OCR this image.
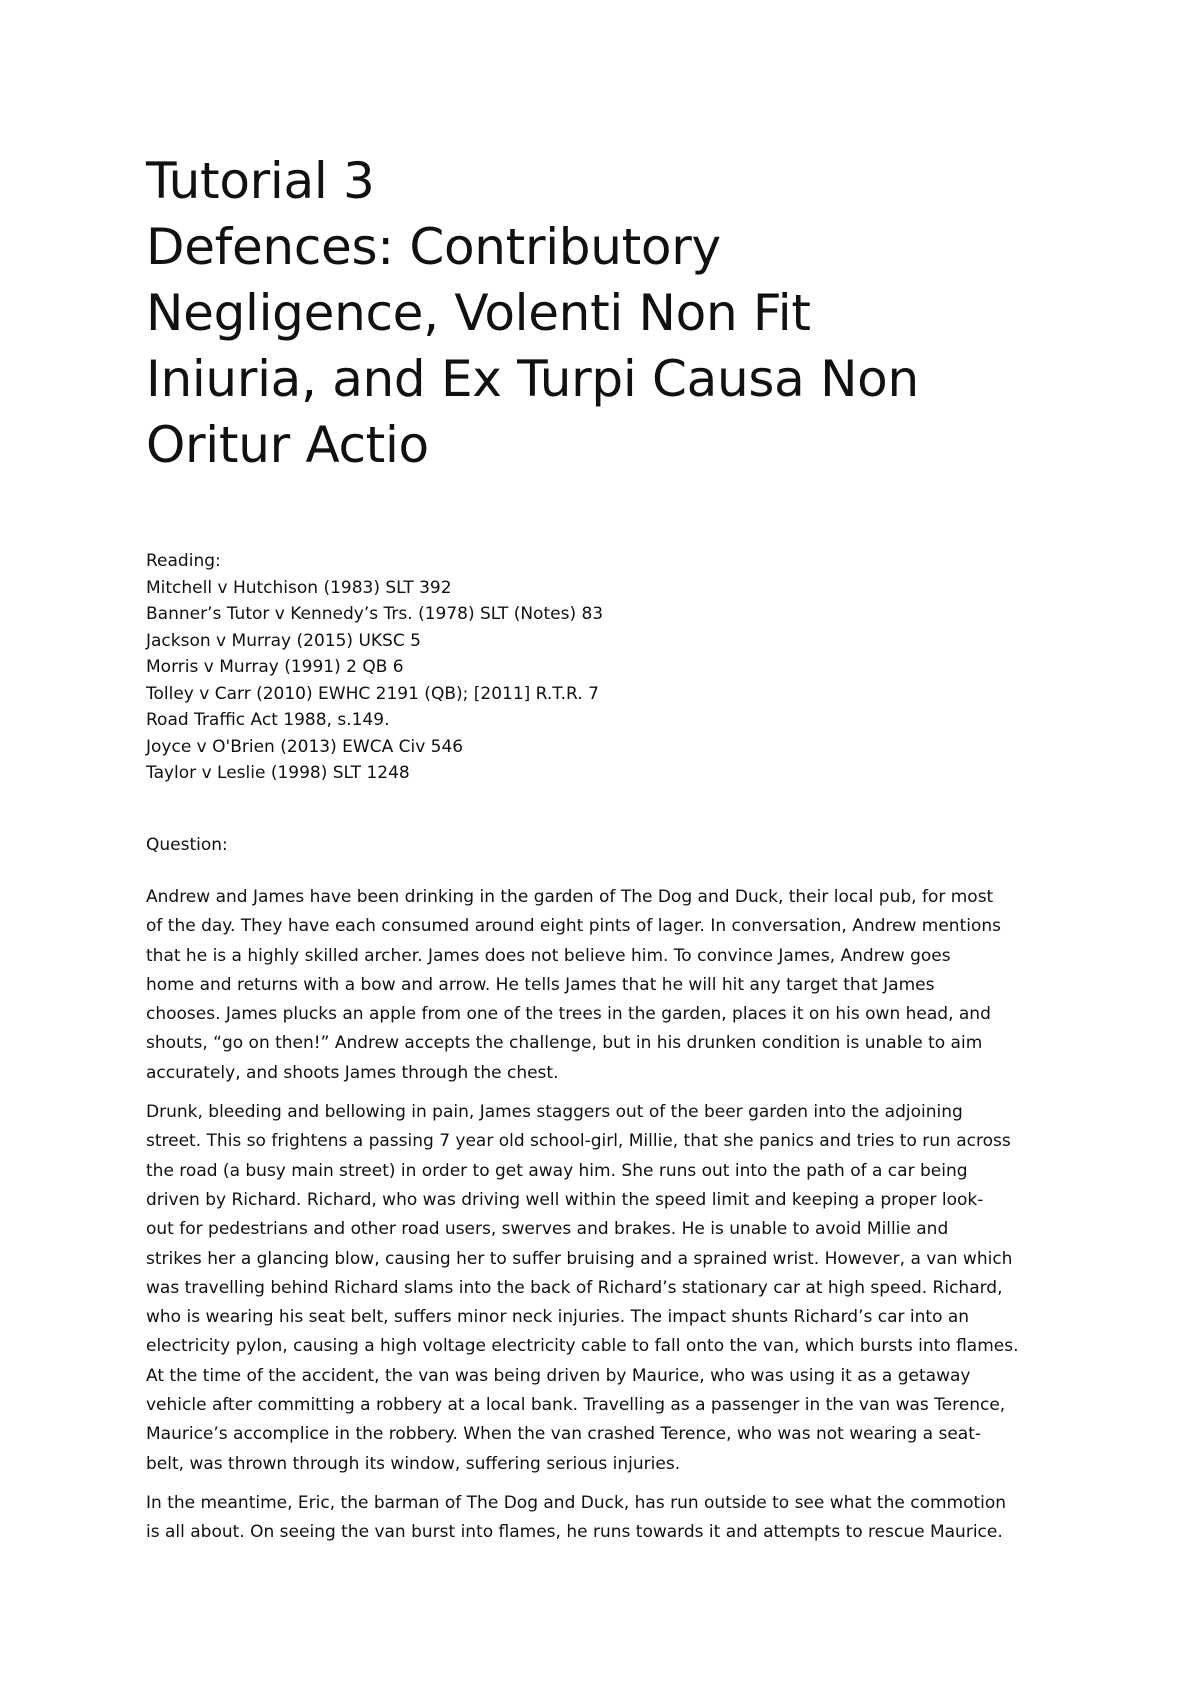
Tutorial 3
Defences: Contributory
Negligence, Volenti Non Fit
Iniuria, and Ex Turpi Causa Non
Oritur Actio
Reading:
Mitchell v Hutchison (1983) SLT 392
Banner’s Tutor v Kennedy’s Trs. (1978) SLT (Notes) 83
Jackson v Murray (2015) UKSC 5
Morris v Murray (1991) 2 QB 6
Tolley v Carr (2010) EWHC 2191 (QB); [2011] R.T.R. 7
Road Traffic Act 1988, s.149.
Joyce v O'Brien (2013) EWCA Civ 546
Taylor v Leslie (1998) SLT 1248
Question:

Andrew and James have been drinking in the garden of The Dog and Duck, their local pub, for most
of the day. They have each consumed around eight pints of lager. In conversation, Andrew mentions
that he is a highly skilled archer. James does not believe him. To convince James, Andrew goes
home and returns with a bow and arrow. He tells James that he will hit any target that James
chooses. James plucks an apple from one of the trees in the garden, places it on his own head, and
shouts, “go on then!” Andrew accepts the challenge, but in his drunken condition is unable to aim
accurately, and shoots James through the chest.

Drunk, bleeding and bellowing in pain, James staggers out of the beer garden into the adjoining
street. This so frightens a passing 7 year old school-girl, Millie, that she panics and tries to run across
the road (a busy main street) in order to get away him. She runs out into the path of a car being
driven by Richard. Richard, who was driving well within the speed limit and keeping a proper look-
out for pedestrians and other road users, swerves and brakes. He is unable to avoid Millie and
strikes her a glancing blow, causing her to suffer bruising and a sprained wrist. However, a van which
was travelling behind Richard slams into the back of Richard’s stationary car at high speed. Richard,
who is wearing his seat belt, suffers minor neck injuries. The impact shunts Richard’s car into an
electricity pylon, causing a high voltage electricity cable to fall onto the van, which bursts into flames.
At the time of the accident, the van was being driven by Maurice, who was using it as a getaway
vehicle after committing a robbery at a local bank. Travelling as a passenger in the van was Terence,
Maurice’s accomplice in the robbery. When the van crashed Terence, who was not wearing a seat-
belt, was thrown through its window, suffering serious injuries.

In the meantime, Eric, the barman of The Dog and Duck, has run outside to see what the commotion
is all about. On seeing the van burst into flames, he runs towards it and attempts to rescue Maurice.
